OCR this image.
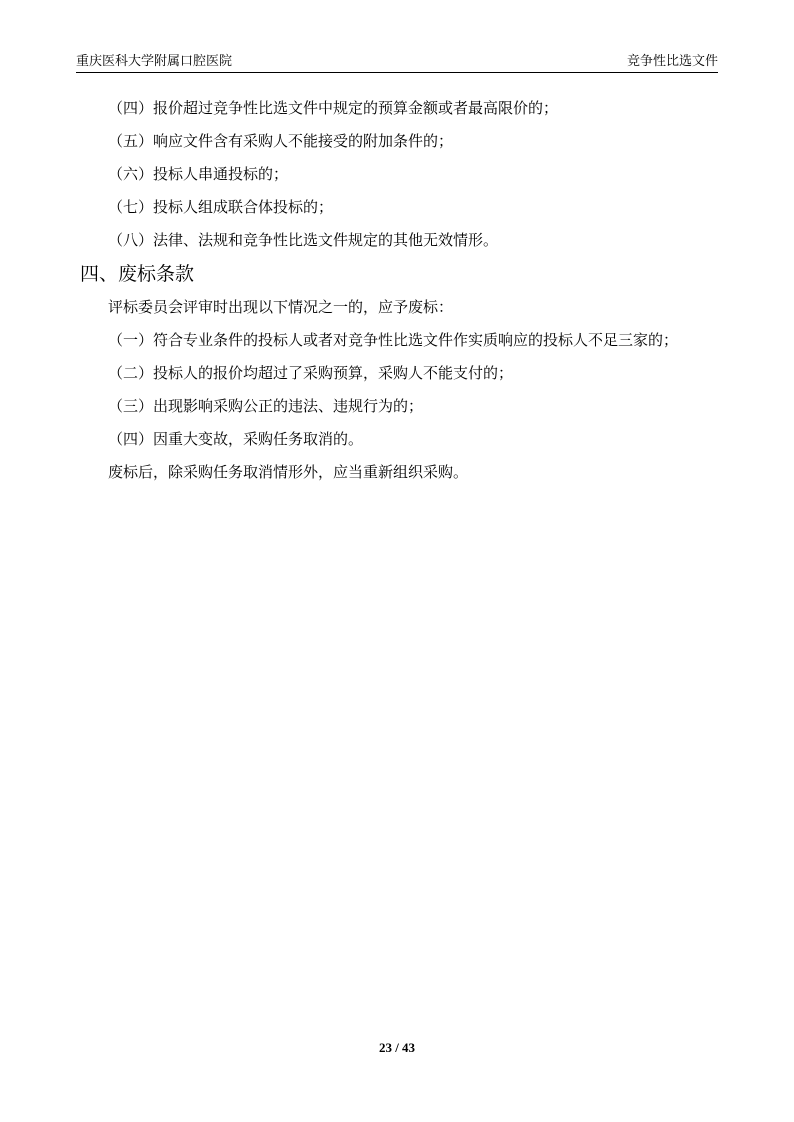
重庆医科大学附属口腔医院	竞争性比选文件
（四）报价超过竞争性比选文件中规定的预算金额或者最高限价的；
（五）响应文件含有采购人不能接受的附加条件的；
（六）投标人串通投标的；
（七）投标人组成联合体投标的；
（八）法律、法规和竞争性比选文件规定的其他无效情形。
四、废标条款
评标委员会评审时出现以下情况之一的，应予废标：
（一）符合专业条件的投标人或者对竞争性比选文件作实质响应的投标人不足三家的；
（二）投标人的报价均超过了采购预算，采购人不能支付的；
（三）出现影响采购公正的违法、违规行为的；
（四）因重大变故，采购任务取消的。
废标后，除采购任务取消情形外，应当重新组织采购。
23 / 43
